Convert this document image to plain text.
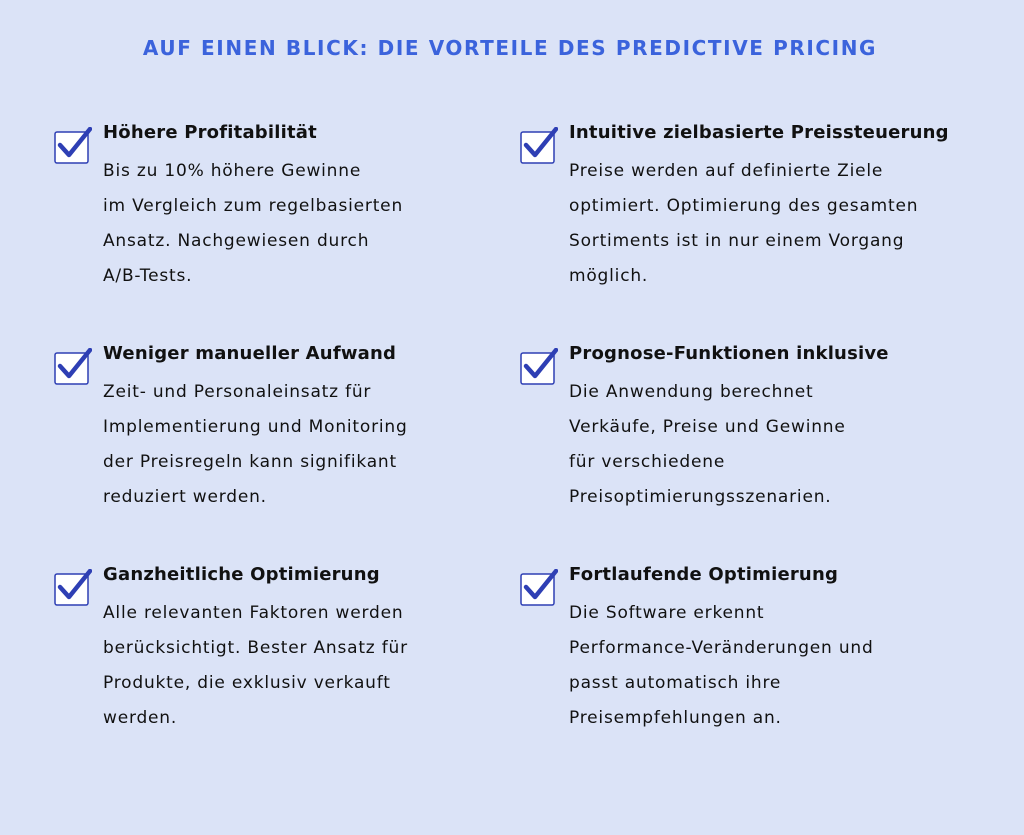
AUF EINEN BLICK: DIE VORTEILE DES PREDICTIVE PRICING
Höhere Profitabilität
Bis zu 10% höhere Gewinne
im Vergleich zum regelbasierten
Ansatz. Nachgewiesen durch
A/B-Tests.
Intuitive zielbasierte Preissteuerung
Preise werden auf definierte Ziele
optimiert. Optimierung des gesamten
Sortiments ist in nur einem Vorgang
möglich.
Weniger manueller Aufwand
Zeit- und Personaleinsatz für
Implementierung und Monitoring
der Preisregeln kann signifikant
reduziert werden.
Prognose-Funktionen inklusive
Die Anwendung berechnet
Verkäufe, Preise und Gewinne
für verschiedene
Preisoptimierungsszenarien.
Ganzheitliche Optimierung
Alle relevanten Faktoren werden
berücksichtigt. Bester Ansatz für
Produkte, die exklusiv verkauft
werden.
Fortlaufende Optimierung
Die Software erkennt
Performance-Veränderungen und
passt automatisch ihre
Preisempfehlungen an.
